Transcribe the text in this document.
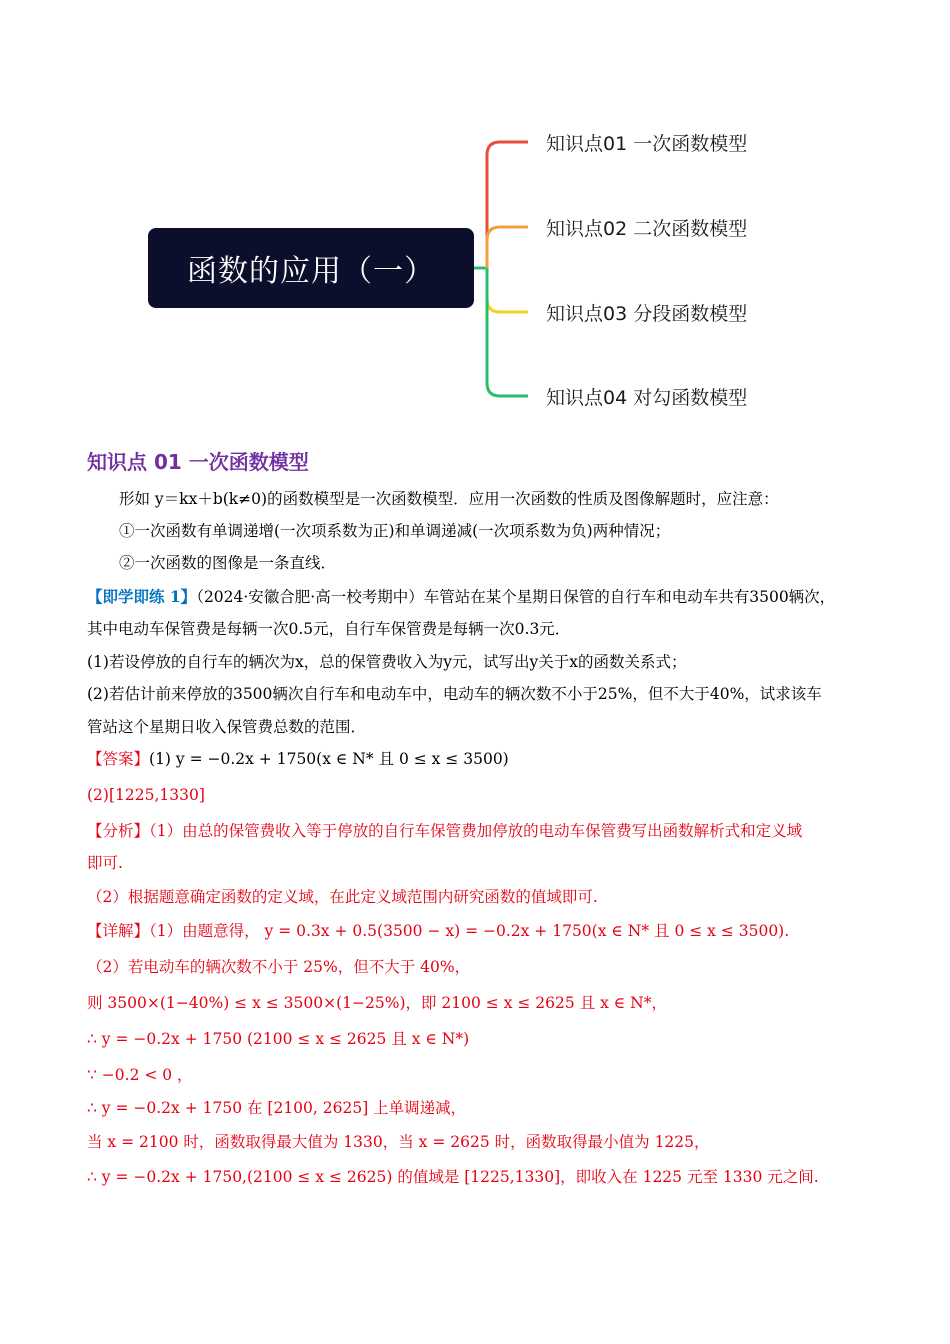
函数的应用（一）
知识点01 一次函数模型
知识点02 二次函数模型
知识点03 分段函数模型
知识点04 对勾函数模型
知识点 01 一次函数模型
形如 y＝kx＋b(k≠0)的函数模型是一次函数模型．应用一次函数的性质及图像解题时，应注意：
①一次函数有单调递增(一次项系数为正)和单调递减(一次项系数为负)两种情况；
②一次函数的图像是一条直线．
【即学即练 1】（2024·安徽合肥·高一校考期中）车管站在某个星期日保管的自行车和电动车共有3500辆次，
其中电动车保管费是每辆一次0.5元，自行车保管费是每辆一次0.3元．
(1)若设停放的自行车的辆次为x，总的保管费收入为y元，试写出y关于x的函数关系式；
(2)若估计前来停放的3500辆次自行车和电动车中，电动车的辆次数不小于25%，但不大于40%，试求该车
管站这个星期日收入保管费总数的范围．
【答案】(1) y = −0.2x + 1750(x ∈ N* 且 0 ≤ x ≤ 3500)
(2)[1225,1330]
【分析】（1）由总的保管费收入等于停放的自行车保管费加停放的电动车保管费写出函数解析式和定义域
即可.
（2）根据题意确定函数的定义域，在此定义域范围内研究函数的值域即可.
【详解】（1）由题意得， y = 0.3x + 0.5(3500 − x) = −0.2x + 1750(x ∈ N* 且 0 ≤ x ≤ 3500).
（2）若电动车的辆次数不小于 25%，但不大于 40%，
则 3500×(1−40%) ≤ x ≤ 3500×(1−25%)，即 2100 ≤ x ≤ 2625 且 x ∈ N*，
∴ y = −0.2x + 1750 (2100 ≤ x ≤ 2625 且 x ∈ N*)
∵ −0.2 < 0 ，
∴ y = −0.2x + 1750 在 [2100, 2625] 上单调递减，
当 x = 2100 时，函数取得最大值为 1330，当 x = 2625 时，函数取得最小值为 1225，
∴ y = −0.2x + 1750,(2100 ≤ x ≤ 2625) 的值域是 [1225,1330]，即收入在 1225 元至 1330 元之间.
